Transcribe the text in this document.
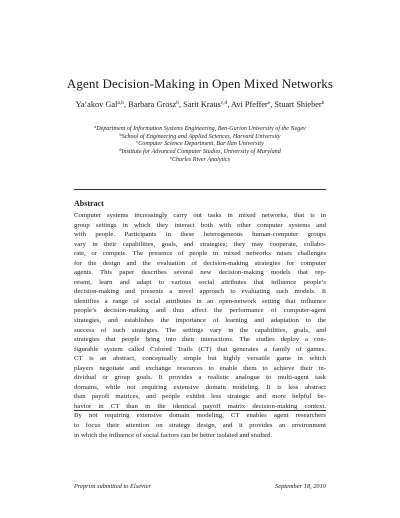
Agent Decision-Making in Open Mixed Networks
Ya’akov Gal$^{a,b}$, Barbara Grosz$^b$, Sarit Kraus$^{c,d}$, Avi Pfeffer$^e$, Stuart Shieber$^b$
$^a$Department of Information Systems Engineering, Ben-Gurion University of the Negev
$^b$School of Engineering and Applied Sciences, Harvard University
$^c$Computer Science Department, Bar Ilan University
$^d$Institute for Advanced Computer Studies, University of Maryland
$^e$Charles River Analytics
Abstract
Computer systems increasingly carry out tasks in mixed networks, that is in
group settings in which they interact both with other computer systems and
with people. Participants in these heterogeneous human-computer groups
vary in their capabilities, goals, and strategies; they may cooperate, collabo-
rate, or compete. The presence of people in mixed networks raises challenges
for the design and the evaluation of decision-making strategies for computer
agents. This paper describes several new decision-making models that rep-
resent, learn and adapt to various social attributes that influence people’s
decision-making and presents a novel approach to evaluating such models. It
identifies a range of social attributes in an open-network setting that influence
people’s decision-making and thus affect the performance of computer-agent
strategies, and establishes the importance of learning and adaptation to the
success of such strategies. The settings vary in the capabilities, goals, and
strategies that people bring into their interactions. The studies deploy a con-
figurable system called Colored Trails (CT) that generates a family of games.
CT is an abstract, conceptually simple but highly versatile game in which
players negotiate and exchange resources to enable them to achieve their in-
dividual or group goals. It provides a realistic analogue to multi-agent task
domains, while not requiring extensive domain modeling. It is less abstract
than payoff matrices, and people exhibit less strategic and more helpful be-
havior in CT than in the identical payoff matrix decision-making context.
By not requiring extensive domain modeling, CT enables agent researchers
to focus their attention on strategy design, and it provides an environment
in which the influence of social factors can be better isolated and studied.
Preprint submitted to Elsevier	September 18, 2010
